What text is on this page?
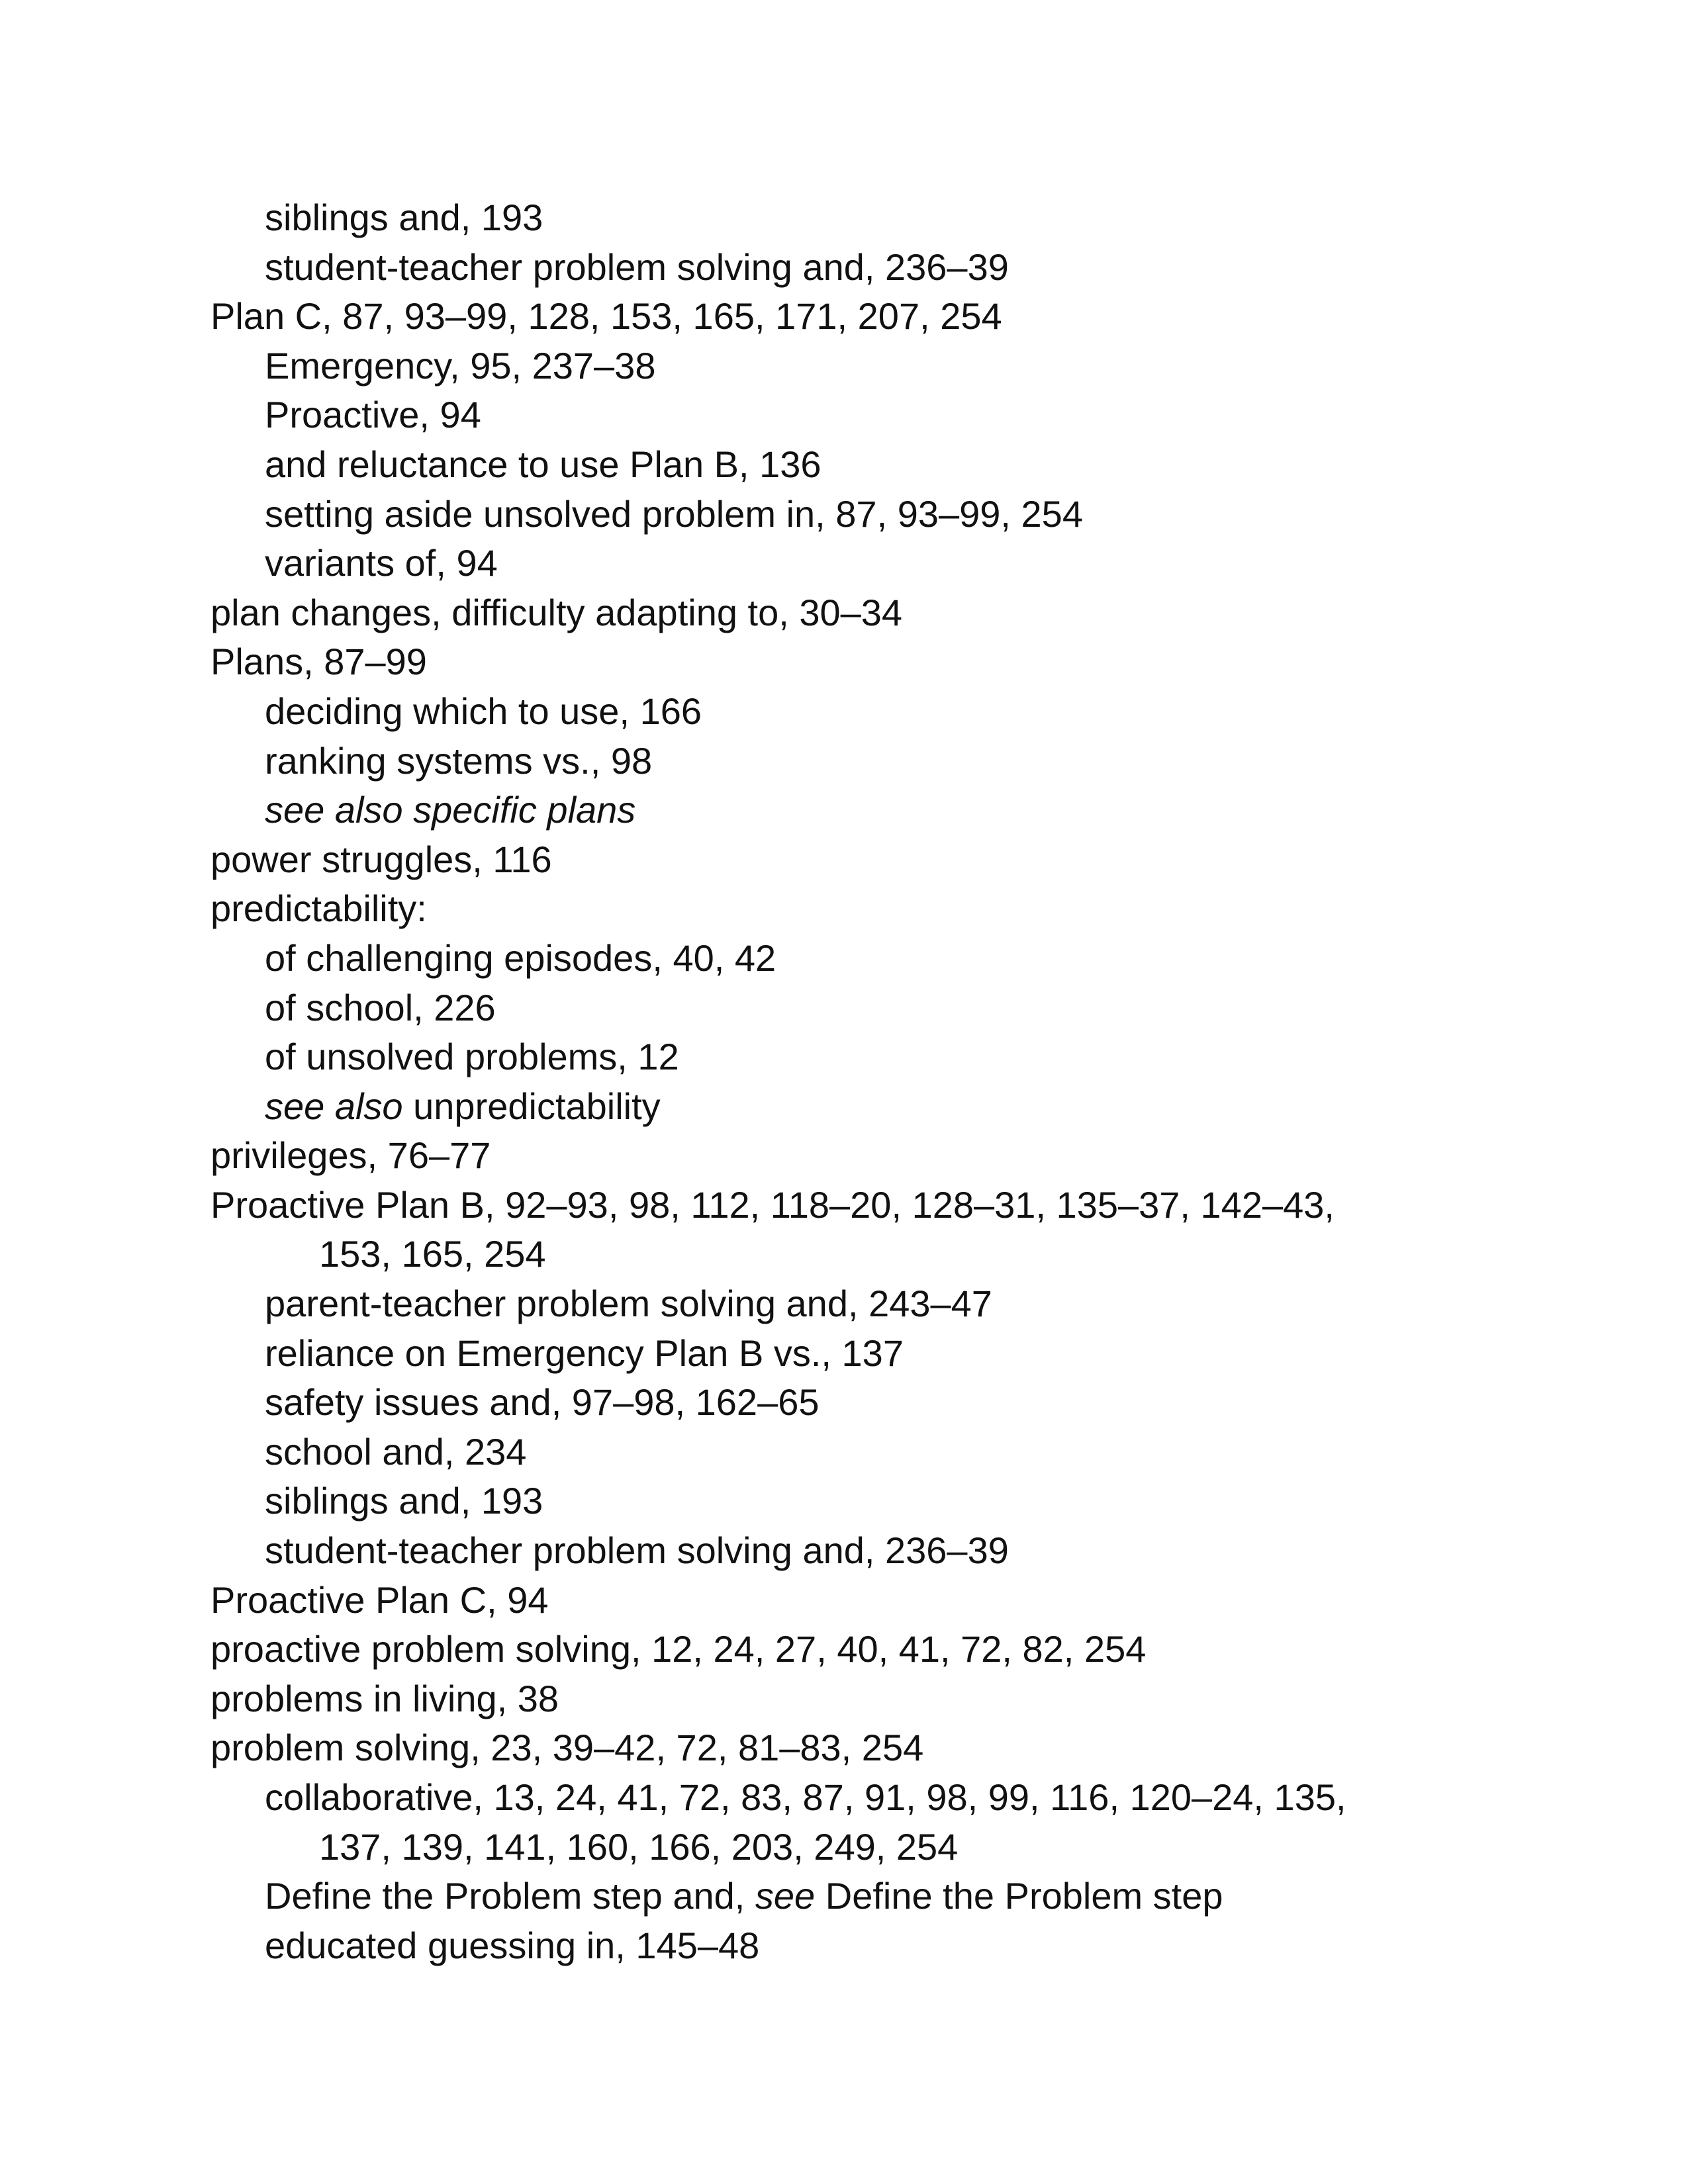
siblings and, 193
student-teacher problem solving and, 236–39
Plan C, 87, 93–99, 128, 153, 165, 171, 207, 254
Emergency, 95, 237–38
Proactive, 94
and reluctance to use Plan B, 136
setting aside unsolved problem in, 87, 93–99, 254
variants of, 94
plan changes, difficulty adapting to, 30–34
Plans, 87–99
deciding which to use, 166
ranking systems vs., 98
see also specific plans
power struggles, 116
predictability:
of challenging episodes, 40, 42
of school, 226
of unsolved problems, 12
see also unpredictability
privileges, 76–77
Proactive Plan B, 92–93, 98, 112, 118–20, 128–31, 135–37, 142–43,
153, 165, 254
parent-teacher problem solving and, 243–47
reliance on Emergency Plan B vs., 137
safety issues and, 97–98, 162–65
school and, 234
siblings and, 193
student-teacher problem solving and, 236–39
Proactive Plan C, 94
proactive problem solving, 12, 24, 27, 40, 41, 72, 82, 254
problems in living, 38
problem solving, 23, 39–42, 72, 81–83, 254
collaborative, 13, 24, 41, 72, 83, 87, 91, 98, 99, 116, 120–24, 135,
137, 139, 141, 160, 166, 203, 249, 254
Define the Problem step and, see Define the Problem step
educated guessing in, 145–48
